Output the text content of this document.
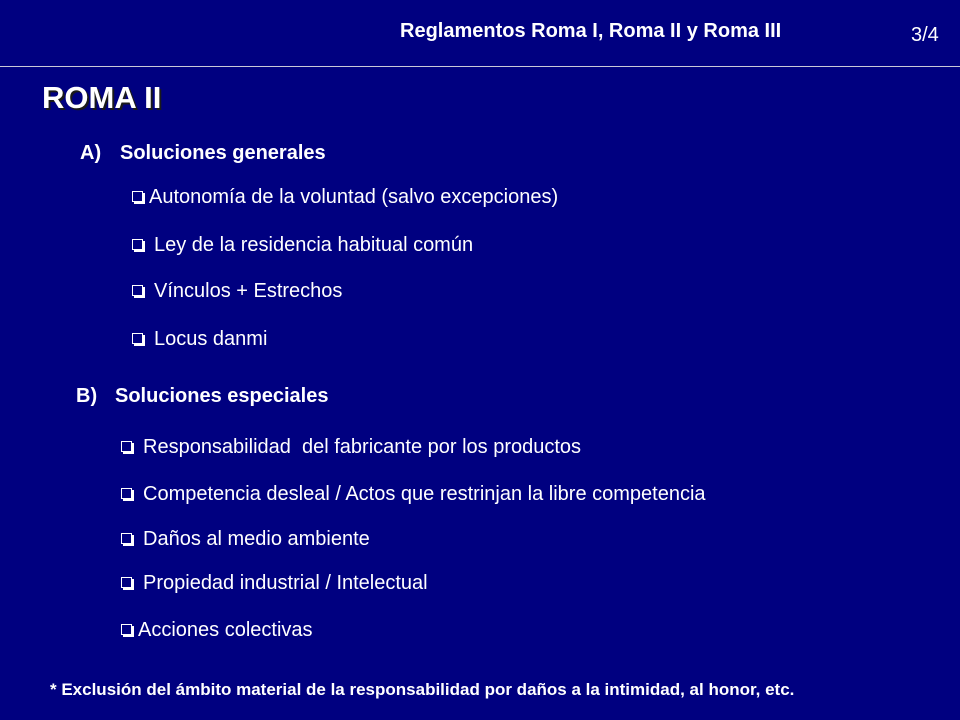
Reglamentos Roma I, Roma II y Roma III	3/4
ROMA II
A) Soluciones generales
Autonomía de la voluntad (salvo excepciones)
Ley de la residencia habitual común
Vínculos + Estrechos
Locus danmi
B) Soluciones especiales
Responsabilidad  del fabricante por los productos
Competencia desleal / Actos que restrinjan la libre competencia
Daños al medio ambiente
Propiedad industrial / Intelectual
Acciones colectivas
* Exclusión del ámbito material de la responsabilidad por daños a la intimidad, al honor, etc.
